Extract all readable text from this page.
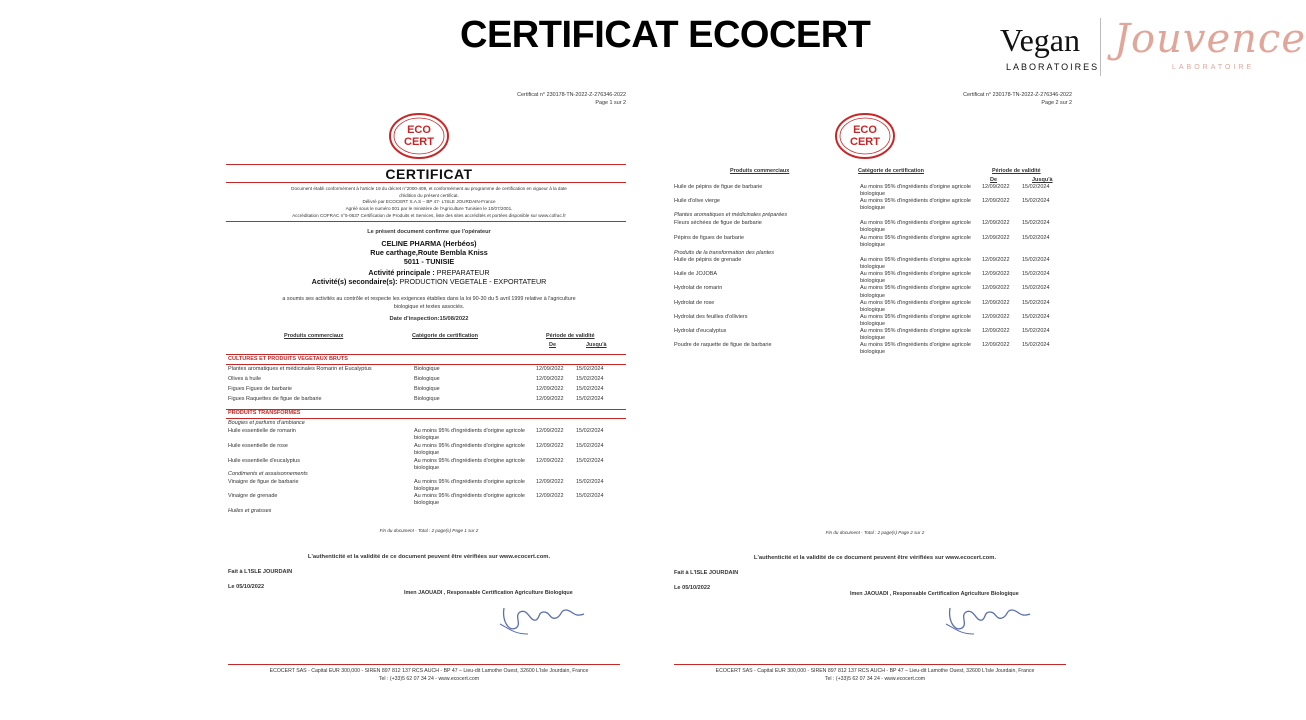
CERTIFICAT ECOCERT	Vegan
LABORATOIRES
Jouvence
LABORATOIRE
Certificat n° 230178-TN-2022-Z-276346-2022
Page 1 sur 2
ECO
CERT
CERTIFICAT
Document établi conformément à l'article 19 du décret n°2000-409, et conformément au programme de certification en vigueur à la date
d'édition du présent certificat.
Délivré par ECOCERT S.A.S – BP 47- L'ISLE JOURDAIN-France
Agréé sous le numéro 001 par le ministère de l'Agriculture Tunisien le 10/07/2001.
Accréditation COFRAC n°5-0637 Certification de Produits et Services, liste des sites accrédités et portées disponible sur www.cofrac.fr
Le présent document confirme que l'opérateur
CELINE PHARMA (Herbéos)
Rue carthage,Route Bembla Kniss
5011 - TUNISIE
Activité principale : PREPARATEUR
Activité(s) secondaire(s): PRODUCTION VEGETALE - EXPORTATEUR
a soumis ses activités au contrôle et respecte les exigences établies dans la loi 90-30 du 5 avril 1999 relative à l'agriculture
biologique et textes associés.
Date d'inspection:15/08/2022
Produits commerciaux	Catégorie de certification	Période de validité
De	Jusqu'à
CULTURES ET PRODUITS VEGETAUX BRUTS
Plantes aromatiques et médicinales Romarin et Eucalyptus	Biologique	12/09/2022 15/02/2024
Olives à huile	Biologique	12/09/2022 15/02/2024
Figues Figues de barbarie	Biologique	12/09/2022 15/02/2024
Figues Raquettes de figue de barbarie	Biologique	12/09/2022 15/02/2024
PRODUITS TRANSFORMES
Bougies et parfums d'ambiance
Huile essentielle de romarin	Au moins 95% d'ingrédients d'origine agricole biologique
12/09/2022 15/02/2024
Huile essentielle de rose	Au moins 95% d'ingrédients d'origine agricole biologique
12/09/2022 15/02/2024
Huile essentielle d'eucalyptus	Au moins 95% d'ingrédients d'origine agricole biologique
12/09/2022 15/02/2024
Condiments et assaisonnements
Vinaigre de figue de barbarie	Au moins 95% d'ingrédients d'origine agricole biologique
12/09/2022 15/02/2024
Vinaigre de grenade	Au moins 95% d'ingrédients d'origine agricole biologique
12/09/2022 15/02/2024
Huiles et graisses
Fin du document - Total : 2 page(s) Page 1 sur 2
L'authenticité et la validité de ce document peuvent être vérifiées sur www.ecocert.com.
Fait à L'ISLE JOURDAIN
Le 05/10/2022
Imen JAOUADI , Responsable Certification Agriculture Biologique
ECOCERT SAS - Capital EUR 300,000 - SIREN 897 812 137 RCS AUCH - BP 47 – Lieu-dit Lamothe Ouest, 32600 L'Isle Jourdain, France
Tel : (+33)5 62 07 34 24 - www.ecocert.com
Certificat n° 230178-TN-2022-Z-276346-2022
Page 2 sur 2
ECO
CERT
Produits commerciaux	Catégorie de certification	Période de validité
De	Jusqu'à
Huile de pépins de figue de barbarie	Au moins 95% d'ingrédients d'origine agricole biologique
12/09/2022 15/02/2024
Huile d'olive vierge	Au moins 95% d'ingrédients d'origine agricole biologique
12/09/2022 15/02/2024
Plantes aromatiques et médicinales préparées
Fleurs séchées de figue de barbarie	Au moins 95% d'ingrédients d'origine agricole biologique
12/09/2022 15/02/2024
Pépins de figues de barbarie	Au moins 95% d'ingrédients d'origine agricole biologique
12/09/2022 15/02/2024
Produits de la transformation des plantes
Huile de pépins de grenade	Au moins 95% d'ingrédients d'origine agricole biologique
12/09/2022 15/02/2024
Huile de JOJOBA	Au moins 95% d'ingrédients d'origine agricole biologique
12/09/2022 15/02/2024
Hydrolat de romarin	Au moins 95% d'ingrédients d'origine agricole biologique
12/09/2022 15/02/2024
Hydrolat de rose	Au moins 95% d'ingrédients d'origine agricole biologique
12/09/2022 15/02/2024
Hydrolat des feuilles d'olliviers	Au moins 95% d'ingrédients d'origine agricole biologique
12/09/2022 15/02/2024
Hydrolat d'eucalyptus	Au moins 95% d'ingrédients d'origine agricole biologique
12/09/2022 15/02/2024
Poudre de raquette de figue de barbarie	Au moins 95% d'ingrédients d'origine agricole biologique
12/09/2022 15/02/2024
Fin du document - Total : 2 page(s) Page 2 sur 2
L'authenticité et la validité de ce document peuvent être vérifiées sur www.ecocert.com.
Fait à L'ISLE JOURDAIN
Le 05/10/2022
Imen JAOUADI , Responsable Certification Agriculture Biologique
ECOCERT SAS - Capital EUR 300,000 - SIREN 897 812 137 RCS AUCH - BP 47 – Lieu-dit Lamothe Ouest, 32600 L'Isle Jourdain, France
Tel : (+33)5 62 07 34 24 - www.ecocert.com
